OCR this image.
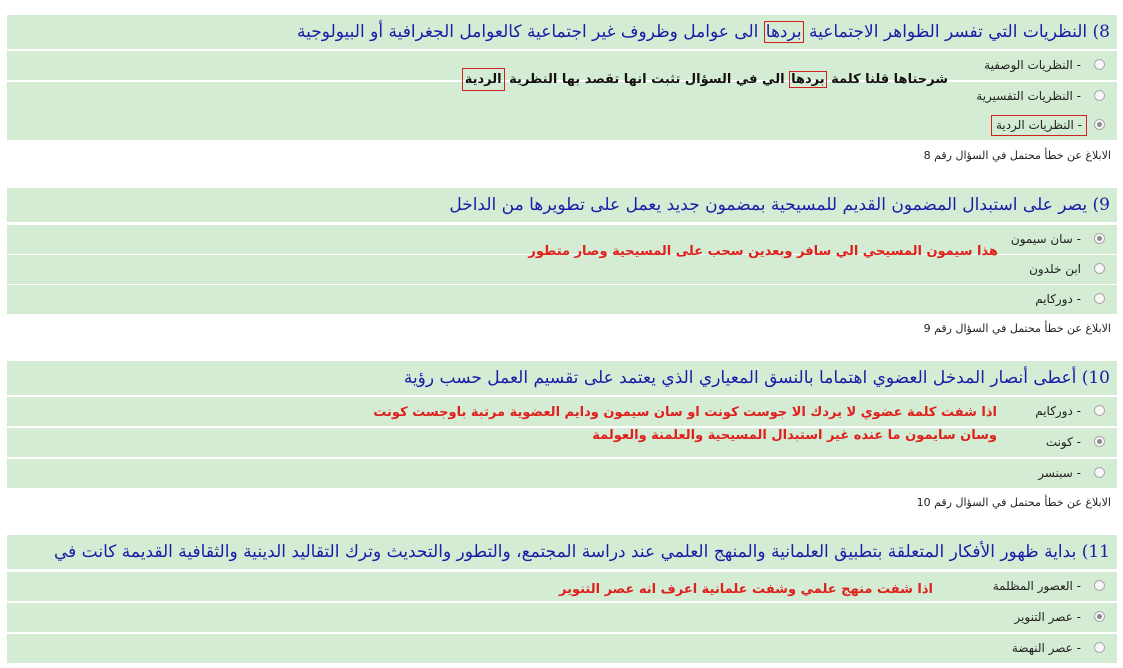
8) النظريات التي تفسر الظواهر الاجتماعية بردها الى عوامل وظروف غير اجتماعية كالعوامل الجغرافية أو البيولوجية
- النظريات الوصفية
- النظريات التفسيرية
- النظريات الردية
الابلاغ عن خطأ محتمل في السؤال رقم 8
شرحناها قلنا كلمة بردها الي في السؤال تثبت انها تقصد بها النظرية الردية
9) يصر على استبدال المضمون القديم للمسيحية بمضمون جديد يعمل على تطويرها من الداخل
- سان سيمون
ابن خلدون
- دوركايم
الابلاغ عن خطأ محتمل في السؤال رقم 9
هذا سيمون المسيحي الي سافر وبعدين سحب على المسيحية وصار متطور
10) أعطى أنصار المدخل العضوي اهتماما بالنسق المعياري الذي يعتمد على تقسيم العمل حسب رؤية
- دوركايم
- كونت
- سبنسر
الابلاغ عن خطأ محتمل في السؤال رقم 10
اذا شفت كلمة عضوي لا يردك الا جوست كونت او سان سيمون ودايم العضوية مرتبة باوجست كونت
وسان سايمون ما عنده غير استبدال المسيحية والعلمنة والعولمة
11) بداية ظهور الأفكار المتعلقة بتطبيق العلمانية والمنهج العلمي عند دراسة المجتمع، والتطور والتحديث وترك التقاليد الدينية والثقافية القديمة كانت في
- العصور المظلمة
- عصر التنوير
- عصر النهضة
اذا شفت منهج علمي وشفت علمانية اعرف انه عصر التنوير
